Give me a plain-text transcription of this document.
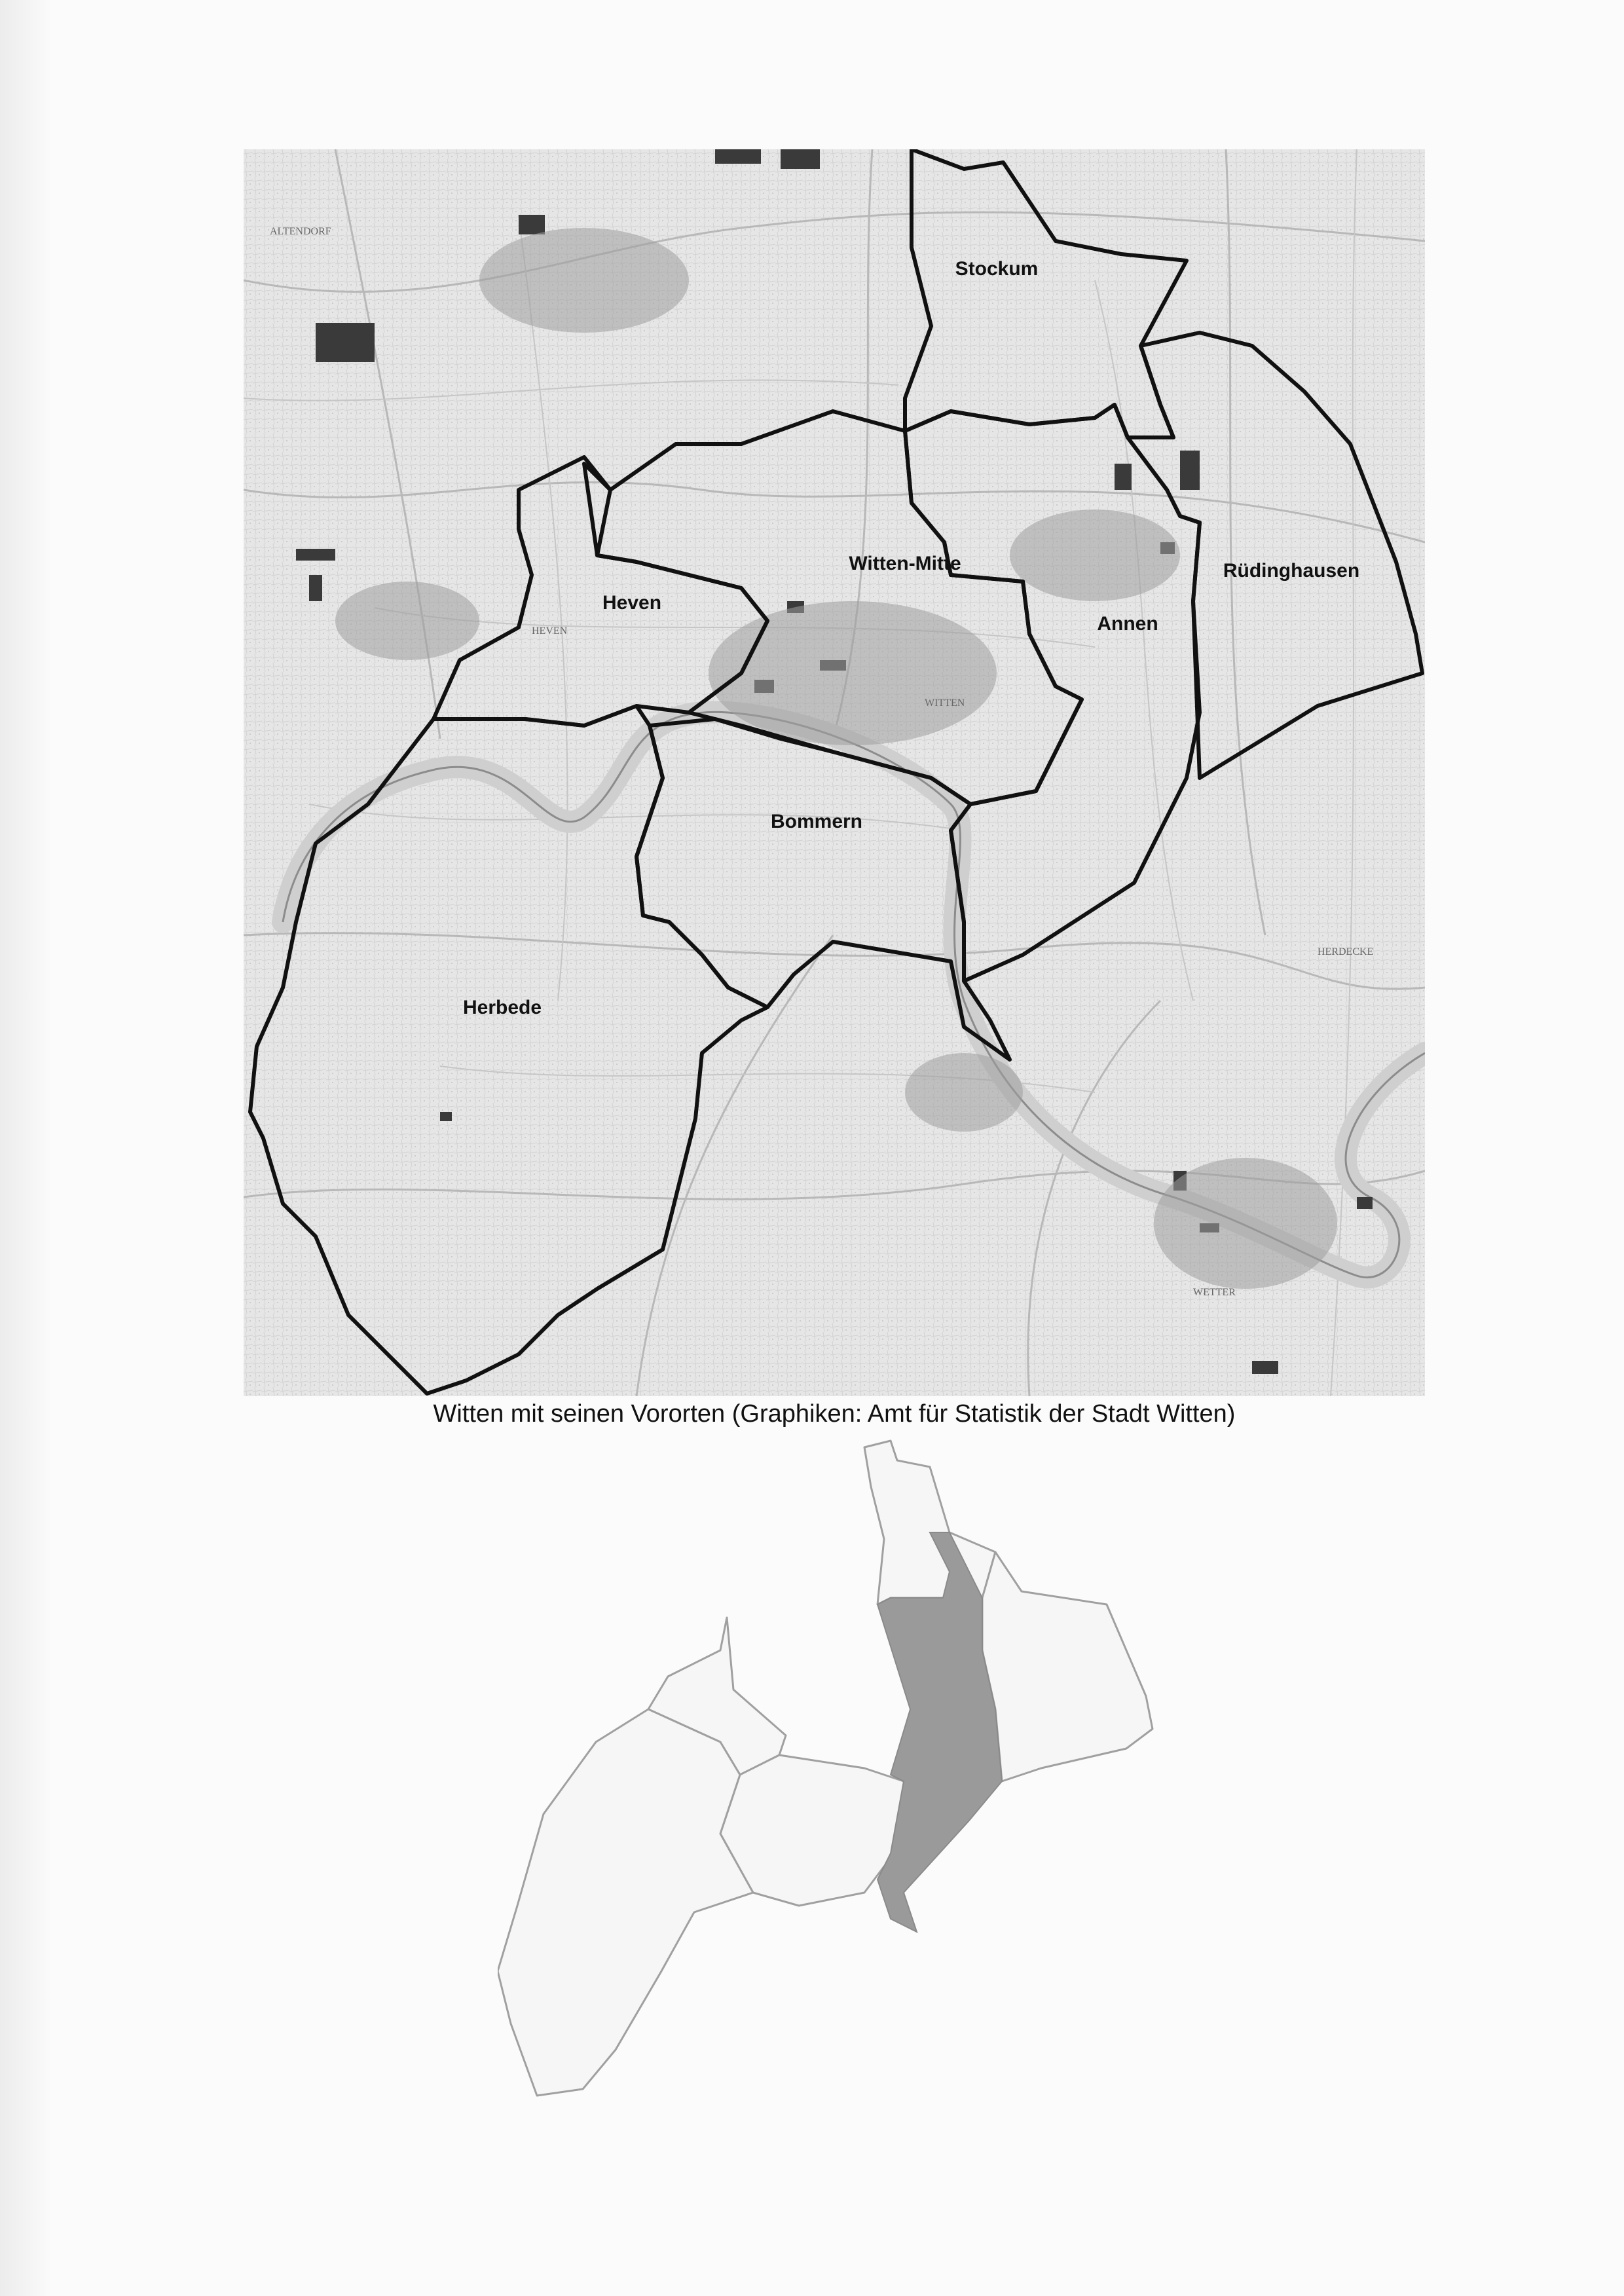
ALTENDORF
WITTEN
HERDECKE
HEVEN
WETTER
Stockum
Witten-Mitte
Heven
Annen
Rüdinghausen
Bommern
Herbede
Witten mit seinen Vororten (Graphiken: Amt für Statistik der Stadt Witten)
